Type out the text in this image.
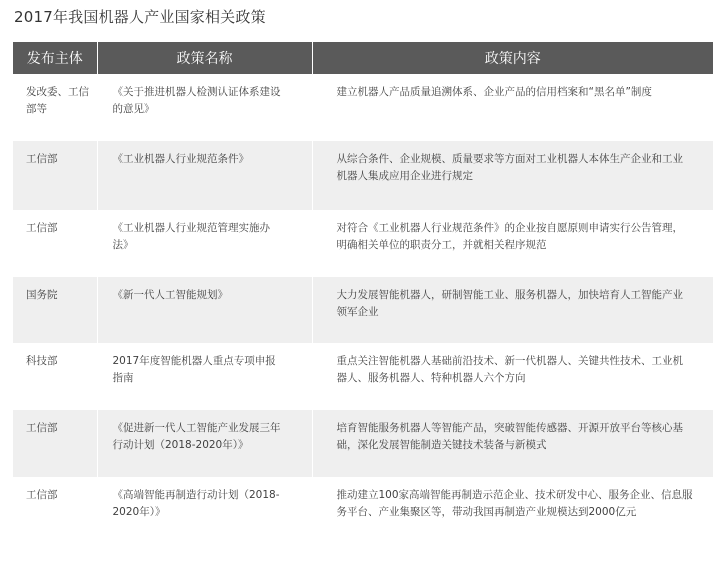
2017年我国机器人产业国家相关政策
发布主体	政策名称	政策内容
发改委、工信部等	《关于推进机器人检测认证体系建设的意见》	建立机器人产品质量追溯体系、企业产品的信用档案和“黑名单”制度
工信部	《工业机器人行业规范条件》	从综合条件、企业规模、质量要求等方面对工业机器人本体生产企业和工业机器人集成应用企业进行规定
工信部	《工业机器人行业规范管理实施办法》	对符合《工业机器人行业规范条件》的企业按自愿原则申请实行公告管理，明确相关单位的职责分工，并就相关程序规范
国务院	《新一代人工智能规划》	大力发展智能机器人，研制智能工业、服务机器人，加快培育人工智能产业领军企业
科技部	2017年度智能机器人重点专项申报指南	重点关注智能机器人基础前沿技术、新一代机器人、关键共性技术、工业机器人、服务机器人、特种机器人六个方向
工信部	《促进新一代人工智能产业发展三年行动计划（2018-2020年）》	培育智能服务机器人等智能产品，突破智能传感器、开源开放平台等核心基础，深化发展智能制造关键技术装备与新模式
工信部	《高端智能再制造行动计划（2018-2020年）》	推动建立100家高端智能再制造示范企业、技术研发中心、服务企业、信息服务平台、产业集聚区等，带动我国再制造产业规模达到2000亿元
